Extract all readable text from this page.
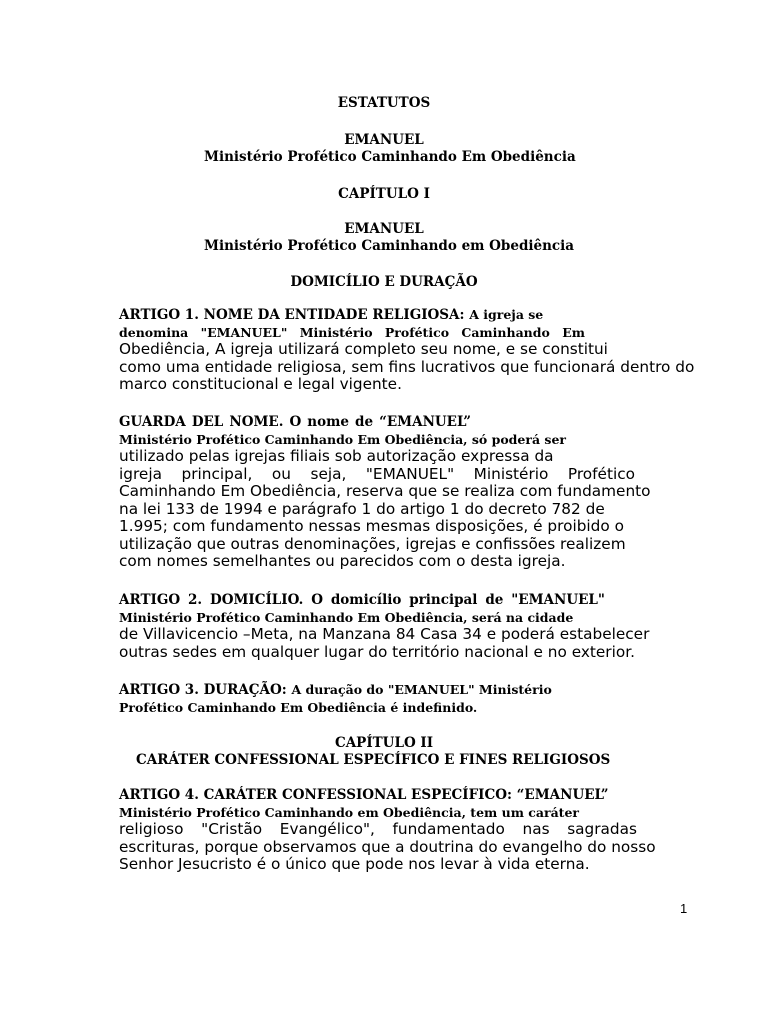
ESTATUTOS
EMANUEL
Ministério Profético Caminhando Em Obediência
CAPÍTULO I
EMANUEL
Ministério Profético Caminhando em Obediência
DOMICÍLIO E DURAÇÃO
ARTIGO 1. NOME DA ENTIDADE RELIGIOSA: A igreja se
denomina "EMANUEL" Ministério Profético Caminhando Em
Obediência, A igreja utilizará completo seu nome, e se constitui
como uma entidade religiosa, sem fins lucrativos que funcionará dentro do
marco constitucional e legal vigente.
GUARDA DEL NOME. O nome de “EMANUEL”
Ministério Profético Caminhando Em Obediência, só poderá ser
utilizado pelas igrejas filiais sob autorização expressa da
igreja principal, ou seja, "EMANUEL" Ministério Profético
Caminhando Em Obediência, reserva que se realiza com fundamento
na lei 133 de 1994 e parágrafo 1 do artigo 1 do decreto 782 de
1.995; com fundamento nessas mesmas disposições, é proibido o
utilização que outras denominações, igrejas e confissões realizem
com nomes semelhantes ou parecidos com o desta igreja.
ARTIGO 2. DOMICÍLIO. O domicílio principal de "EMANUEL"
Ministério Profético Caminhando Em Obediência, será na cidade
de Villavicencio –Meta, na Manzana 84 Casa 34 e poderá estabelecer
outras sedes em qualquer lugar do território nacional e no exterior.
ARTIGO 3. DURAÇÃO: A duração do "EMANUEL" Ministério
Profético Caminhando Em Obediência é indefinido.
CAPÍTULO II
CARÁTER CONFESSIONAL ESPECÍFICO E FINES RELIGIOSOS
ARTIGO 4. CARÁTER CONFESSIONAL ESPECÍFICO: “EMANUEL”
Ministério Profético Caminhando em Obediência, tem um caráter
religioso "Cristão Evangélico", fundamentado nas sagradas
escrituras, porque observamos que a doutrina do evangelho do nosso
Senhor Jesucristo é o único que pode nos levar à vida eterna.
1
